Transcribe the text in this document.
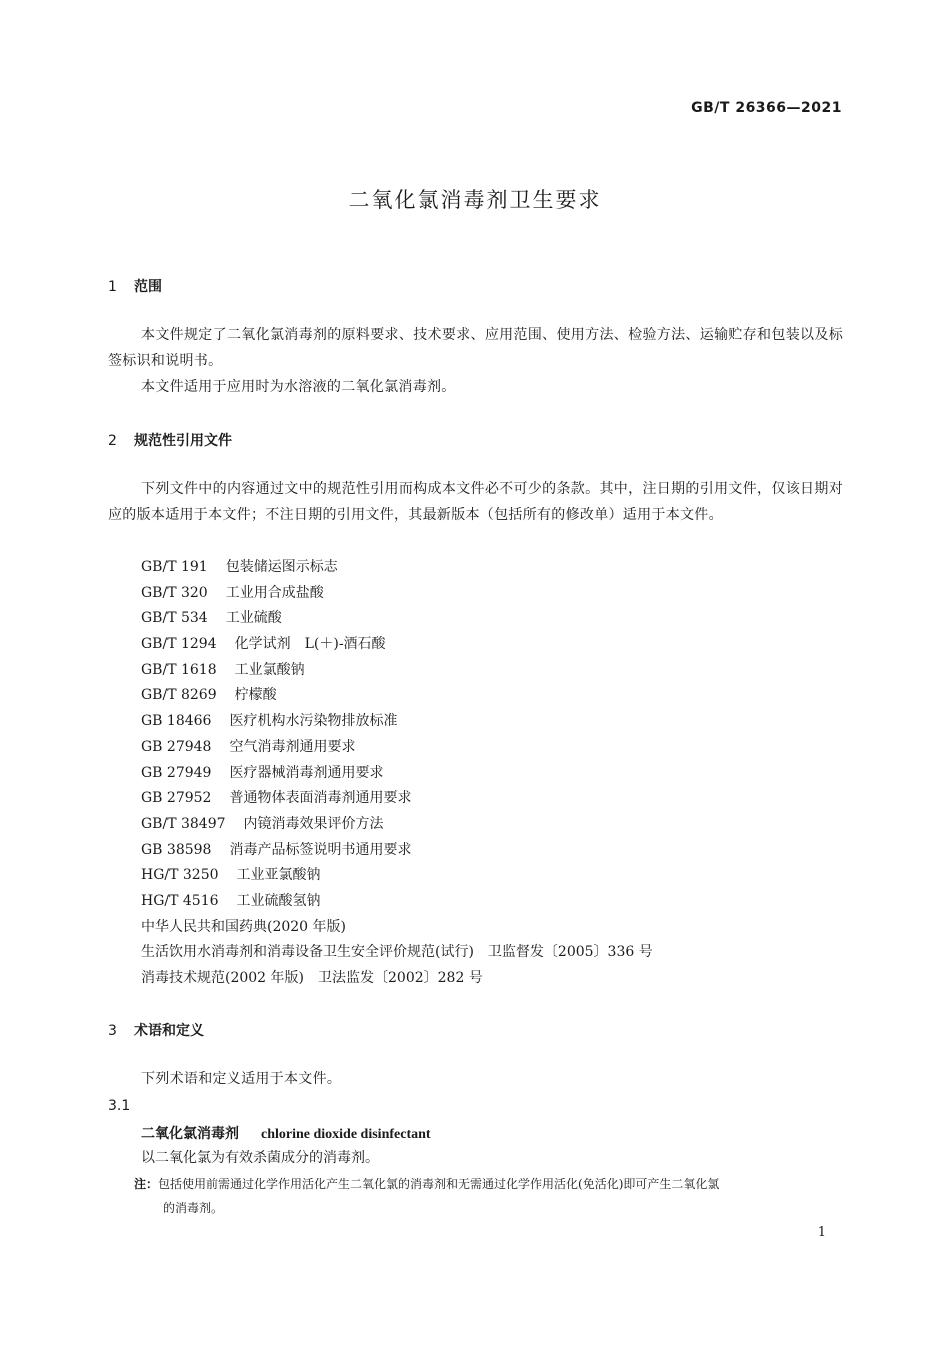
GB/T 26366—2021
二氧化氯消毒剂卫生要求
1 范围
本文件规定了二氧化氯消毒剂的原料要求、技术要求、应用范围、使用方法、检验方法、运输贮存和包装以及标签标识和说明书。
本文件适用于应用时为水溶液的二氧化氯消毒剂。
2 规范性引用文件
下列文件中的内容通过文中的规范性引用而构成本文件必不可少的条款。其中，注日期的引用文件，仅该日期对应的版本适用于本文件；不注日期的引用文件，其最新版本（包括所有的修改单）适用于本文件。
GB/T 191 包装储运图示标志
GB/T 320 工业用合成盐酸
GB/T 534 工业硫酸
GB/T 1294 化学试剂　L(＋)-酒石酸
GB/T 1618 工业氯酸钠
GB/T 8269 柠檬酸
GB 18466 医疗机构水污染物排放标准
GB 27948 空气消毒剂通用要求
GB 27949 医疗器械消毒剂通用要求
GB 27952 普通物体表面消毒剂通用要求
GB/T 38497 内镜消毒效果评价方法
GB 38598 消毒产品标签说明书通用要求
HG/T 3250 工业亚氯酸钠
HG/T 4516 工业硫酸氢钠
中华人民共和国药典(2020 年版)
生活饮用水消毒剂和消毒设备卫生安全评价规范(试行)　卫监督发〔2005〕336 号
消毒技术规范(2002 年版)　卫法监发〔2002〕282 号
3 术语和定义
下列术语和定义适用于本文件。
3.1
二氧化氯消毒剂 chlorine dioxide disinfectant
以二氧化氯为有效杀菌成分的消毒剂。
注：包括使用前需通过化学作用活化产生二氧化氯的消毒剂和无需通过化学作用活化(免活化)即可产生二氧化氯
的消毒剂。
1
